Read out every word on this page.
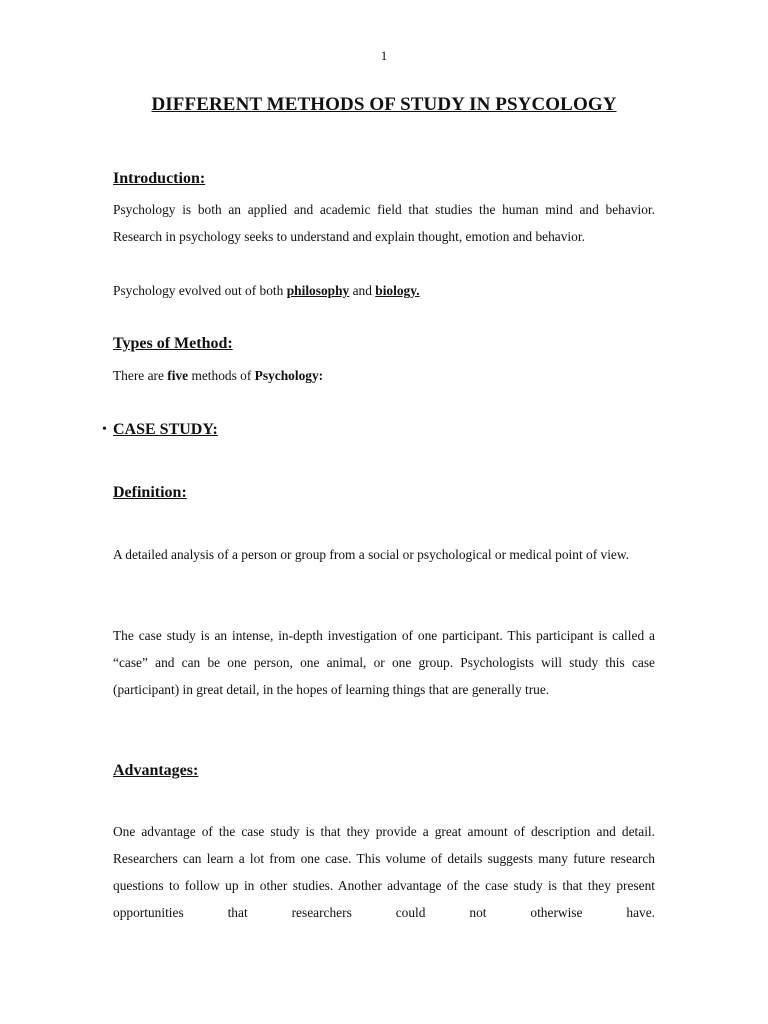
1
DIFFERENT METHODS OF STUDY IN PSYCOLOGY
Introduction:
Psychology is both an applied and academic field that studies the human mind and behavior. Research in psychology seeks to understand and explain thought, emotion and behavior.
Psychology evolved out of both philosophy and biology.
Types of Method:
There are five methods of Psychology:
• CASE STUDY:
Definition:
A detailed analysis of a person or group from a social or psychological or medical point of view.
The case study is an intense, in-depth investigation of one participant. This participant is called a “case” and can be one person, one animal, or one group. Psychologists will study this case (participant) in great detail, in the hopes of learning things that are generally true.
Advantages:
One advantage of the case study is that they provide a great amount of description and detail. Researchers can learn a lot from one case. This volume of details suggests many future research questions to follow up in other studies. Another advantage of the case study is that they present opportunities that researchers could not otherwise have.
